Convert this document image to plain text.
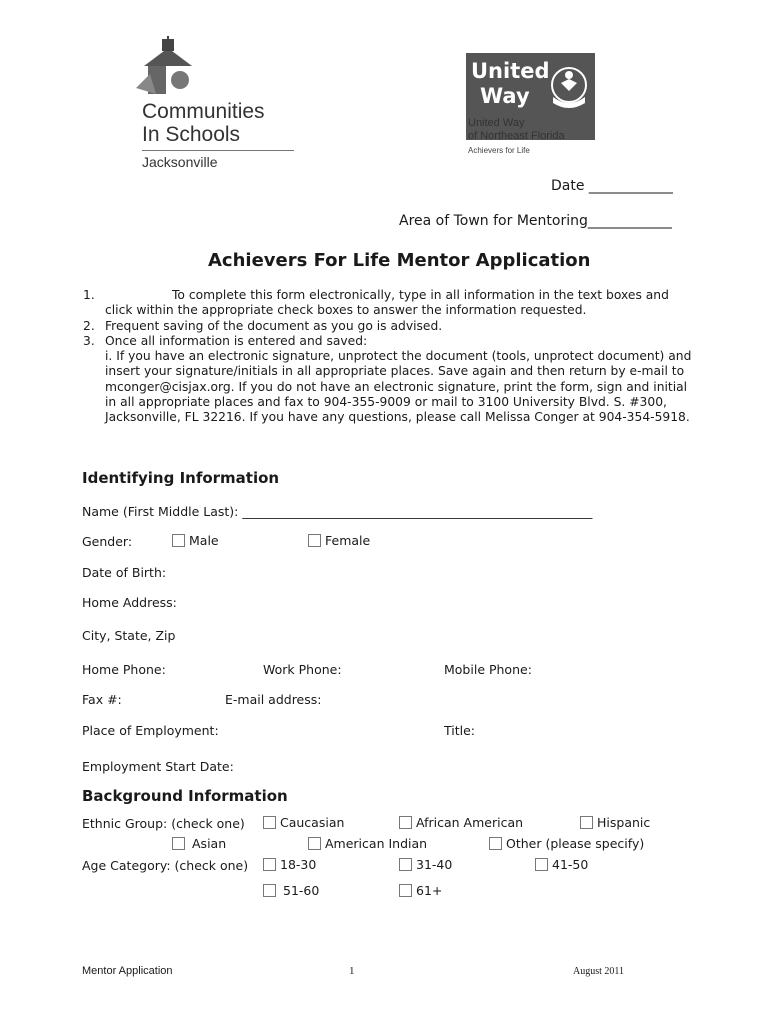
Communities
In Schools
Jacksonville
United
Way
United Way
of Northeast Florida
Achievers for Life
Date ____________
Area of Town for Mentoring____________
Achievers For Life Mentor Application
1.	To complete this form electronically, type in all information in the text boxes and click within the appropriate check boxes to answer the information requested.
2. Frequent saving of the document as you go is advised.
3. Once all information is entered and saved:
i. If you have an electronic signature, unprotect the document (tools, unprotect document) and insert your signature/initials in all appropriate places. Save again and then return by e-mail to mconger@cisjax.org. If you do not have an electronic signature, print the form, sign and initial in all appropriate places and fax to 904-355-9009 or mail to 3100 University Blvd. S. #300, Jacksonville, FL 32216. If you have any questions, please call Melissa Conger at 904-354-5918.
Identifying Information
Name (First Middle Last): ________________________________________________________
Gender:	Male	Female
Date of Birth:
Home Address:
City, State, Zip
Home Phone:	Work Phone:	Mobile Phone:
Fax #:	E-mail address:
Place of Employment:	Title:
Employment Start Date:
Background Information
Ethnic Group: (check one)	Caucasian	African American	Hispanic
Asian	American Indian	Other (please specify)
Age Category: (check one)	18-30	31-40	41-50
51-60	61+
Mentor Application	1	August 2011
